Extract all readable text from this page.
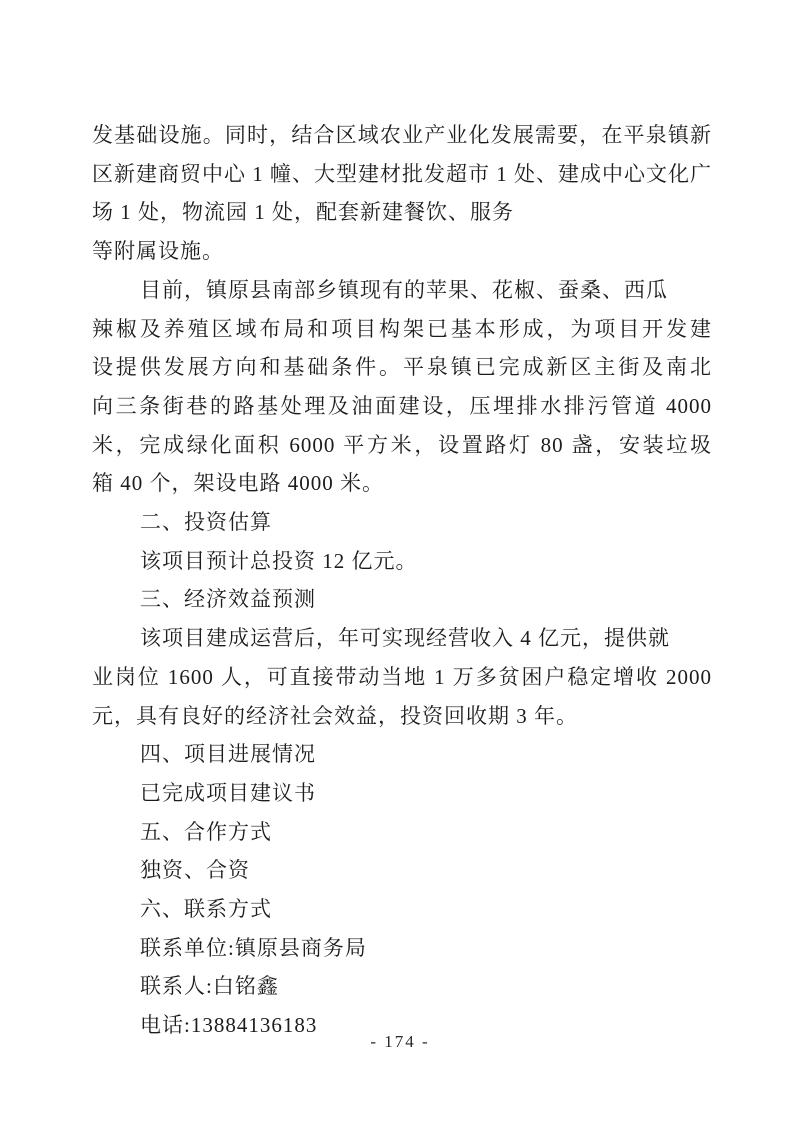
发基础设施。同时，结合区域农业产业化发展需要，在平泉镇新
区新建商贸中心 1 幢、大型建材批发超市 1 处、建成中心文化广
场 1 处，物流园 1 处，配套新建餐饮、服务
等附属设施。
目前，镇原县南部乡镇现有的苹果、花椒、蚕桑、西瓜
辣椒及养殖区域布局和项目构架已基本形成，为项目开发建
设提供发展方向和基础条件。平泉镇已完成新区主街及南北
向三条街巷的路基处理及油面建设，压埋排水排污管道 4000
米，完成绿化面积 6000 平方米，设置路灯 80 盏，安装垃圾
箱 40 个，架设电路 4000 米。
二、投资估算
该项目预计总投资 12 亿元。
三、经济效益预测
该项目建成运营后，年可实现经营收入 4 亿元，提供就
业岗位 1600 人，可直接带动当地 1 万多贫困户稳定增收 2000
元，具有良好的经济社会效益，投资回收期 3 年。
四、项目进展情况
已完成项目建议书
五、合作方式
独资、合资
六、联系方式
联系单位:镇原县商务局
联系人:白铭鑫
电话:13884136183
- 174 -
